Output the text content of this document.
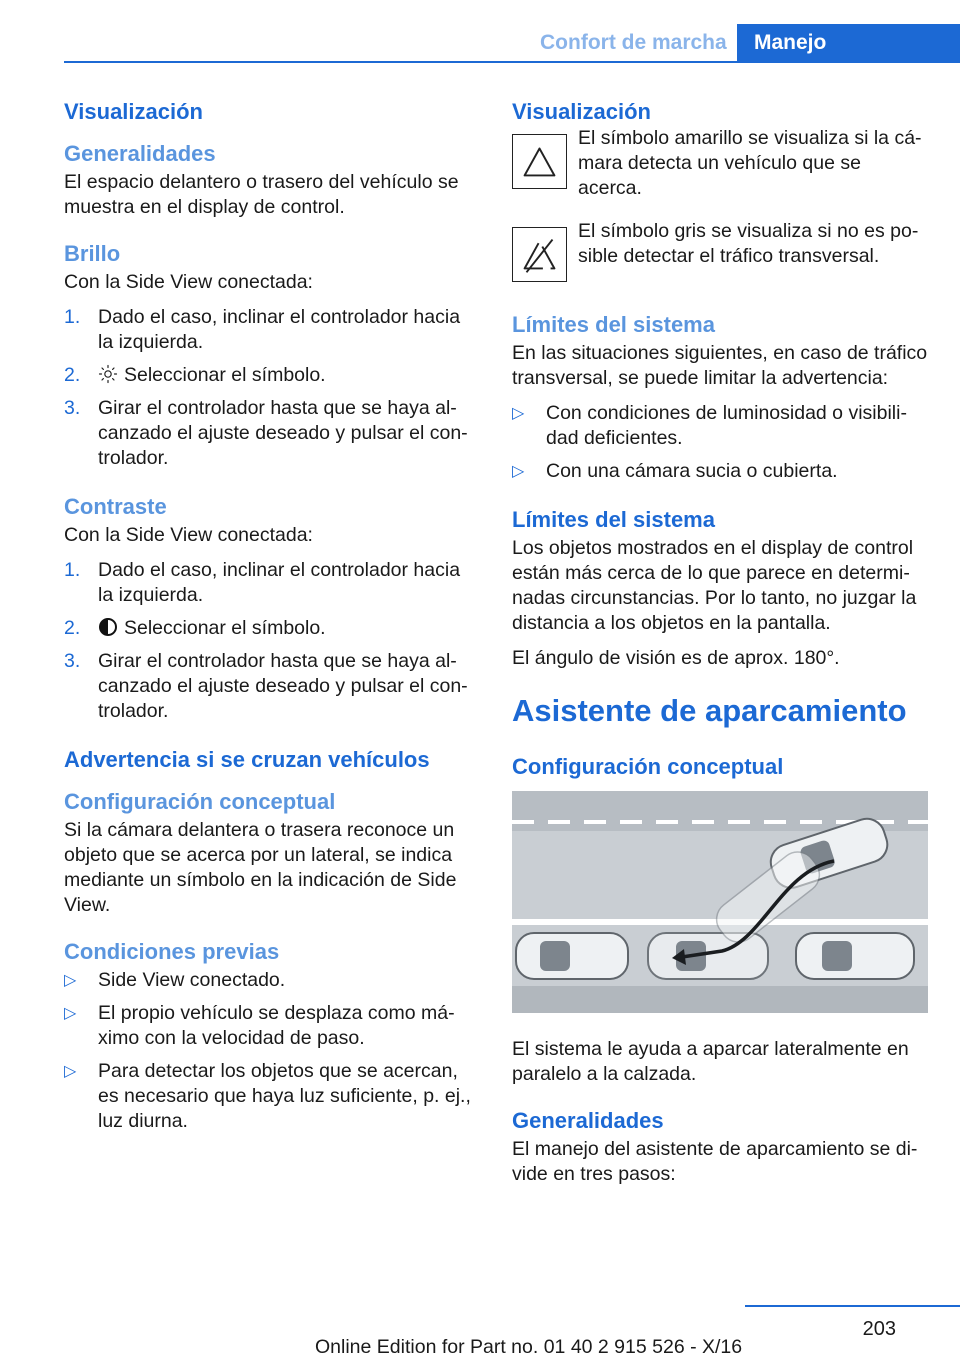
Confort de marcha	Manejo
Visualización
Generalidades
El espacio delantero o trasero del vehículo se muestra en el display de control.
Brillo
Con la Side View conectada:
1. Dado el caso, inclinar el controlador hacia la izquierda.
2. Seleccionar el símbolo.
3. Girar el controlador hasta que se haya alcanzado el ajuste deseado y pulsar el controlador.
Contraste
Con la Side View conectada:
1. Dado el caso, inclinar el controlador hacia la izquierda.
2. Seleccionar el símbolo.
3. Girar el controlador hasta que se haya alcanzado el ajuste deseado y pulsar el controlador.
Advertencia si se cruzan vehículos
Configuración conceptual
Si la cámara delantera o trasera reconoce un objeto que se acerca por un lateral, se indica mediante un símbolo en la indicación de Side View.
Condiciones previas
▷ Side View conectado.
▷ El propio vehículo se desplaza como máximo con la velocidad de paso.
▷ Para detectar los objetos que se acercan, es necesario que haya luz suficiente, p. ej., luz diurna.
Visualización
El símbolo amarillo se visualiza si la cámara detecta un vehículo que se acerca.
El símbolo gris se visualiza si no es posible detectar el tráfico transversal.
Límites del sistema
En las situaciones siguientes, en caso de tráfico transversal, se puede limitar la advertencia:
▷ Con condiciones de luminosidad o visibilidad deficientes.
▷ Con una cámara sucia o cubierta.
Límites del sistema
Los objetos mostrados en el display de control están más cerca de lo que parece en determinadas circunstancias. Por lo tanto, no juzgar la distancia a los objetos en la pantalla.
El ángulo de visión es de aprox. 180°.
Asistente de aparcamiento
Configuración conceptual
El sistema le ayuda a aparcar lateralmente en paralelo a la calzada.
Generalidades
El manejo del asistente de aparcamiento se divide en tres pasos:
203
Online Edition for Part no. 01 40 2 915 526 - X/16
